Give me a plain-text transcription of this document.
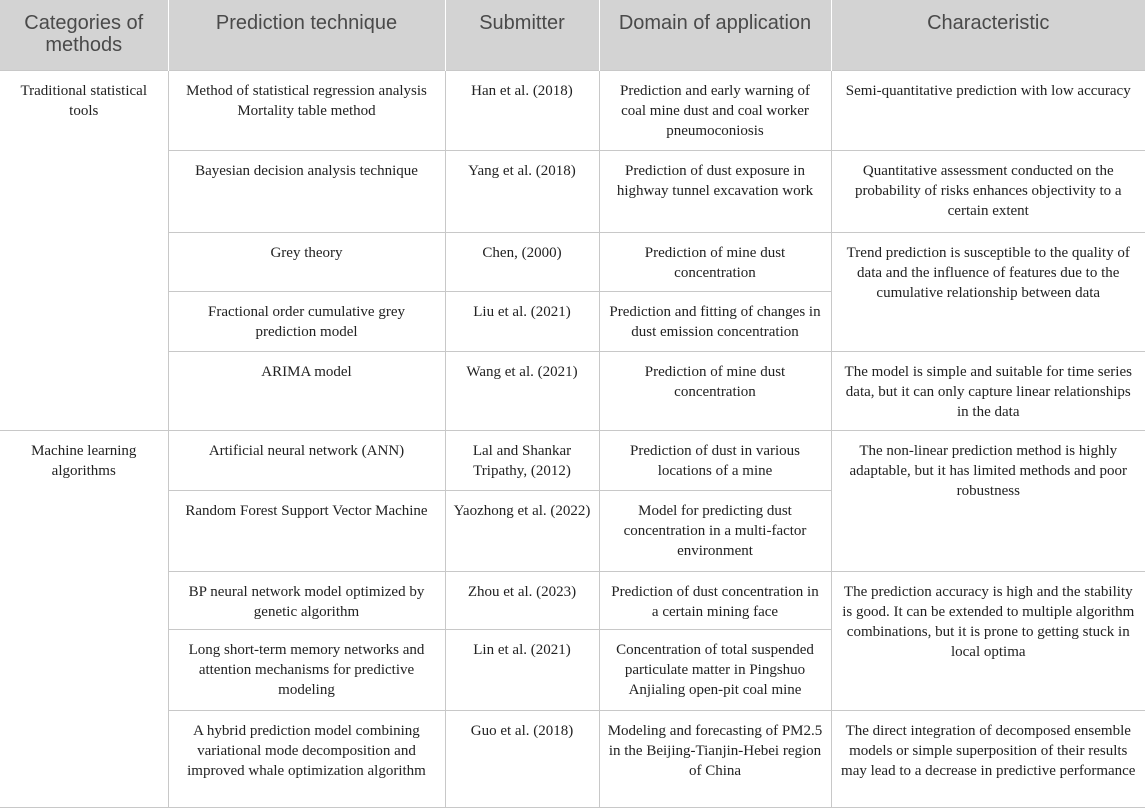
Categories of methods	Prediction technique	Submitter	Domain of application	Characteristic
Traditional statistical tools	Method of statistical regression analysis Mortality table method	Han et al. (2018)	Prediction and early warning of coal mine dust and coal worker pneumoconiosis	Semi-quantitative prediction with low accuracy
	Bayesian decision analysis technique	Yang et al. (2018)	Prediction of dust exposure in highway tunnel excavation work	Quantitative assessment conducted on the probability of risks enhances objectivity to a certain extent
	Grey theory	Chen, (2000)	Prediction of mine dust concentration	Trend prediction is susceptible to the quality of data and the influence of features due to the cumulative relationship between data
	Fractional order cumulative grey prediction model	Liu et al. (2021)	Prediction and fitting of changes in dust emission concentration	
	ARIMA model	Wang et al. (2021)	Prediction of mine dust concentration	The model is simple and suitable for time series data, but it can only capture linear relationships in the data
Machine learning algorithms	Artificial neural network (ANN)	Lal and Shankar Tripathy, (2012)	Prediction of dust in various locations of a mine	The non-linear prediction method is highly adaptable, but it has limited methods and poor robustness
	Random Forest Support Vector Machine	Yaozhong et al. (2022)	Model for predicting dust concentration in a multi-factor environment	
	BP neural network model optimized by genetic algorithm	Zhou et al. (2023)	Prediction of dust concentration in a certain mining face	The prediction accuracy is high and the stability is good. It can be extended to multiple algorithm combinations, but it is prone to getting stuck in local optima
	Long short-term memory networks and attention mechanisms for predictive modeling	Lin et al. (2021)	Concentration of total suspended particulate matter in Pingshuo Anjialing open-pit coal mine	
	A hybrid prediction model combining variational mode decomposition and improved whale optimization algorithm	Guo et al. (2018)	Modeling and forecasting of PM2.5 in the Beijing-Tianjin-Hebei region of China	The direct integration of decomposed ensemble models or simple superposition of their results may lead to a decrease in predictive performance
